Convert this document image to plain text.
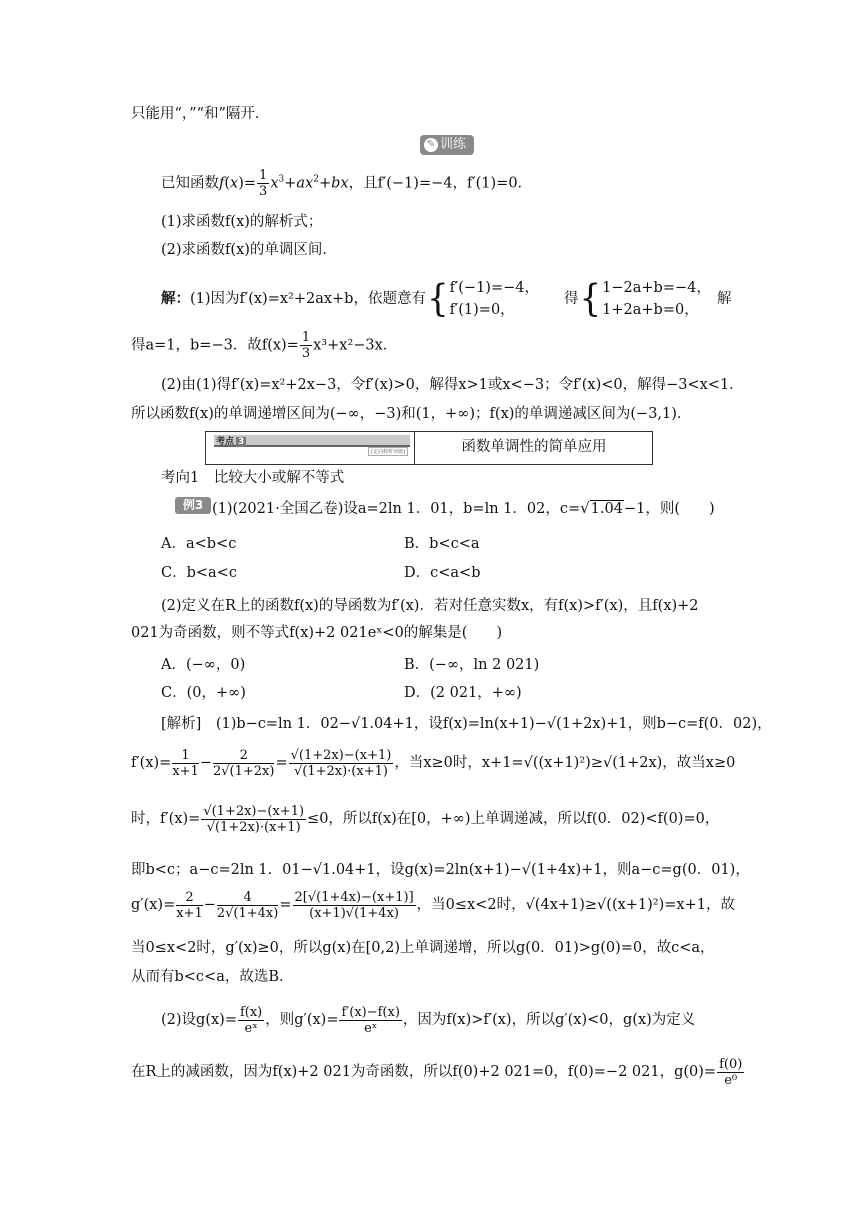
只能用“，”“和”隔开．
✎ 训练
已知函数$f(x)= \frac{1}{3} x^3+ax^2+bx$，且f′(−1)=−4，f′(1)=0．
(1)求函数f(x)的解析式；
(2)求函数f(x)的单调区间．
解：(1)因为f′(x)=x²+2ax+b，依题意有{ f′(−1)=−4，
f′(1)=0，
得{ 1−2a+b=−4，
1+2a+b=0，
解
得a=1，b=−3．故$f(x)= \frac{1}{3} x^3+x^2-3x$．
(2)由(1)得f′(x)=x²+2x−3，令f′(x)>0，解得x>1或x<−3；令f′(x)<0，解得−3<x<1．
所以函数f(x)的单调递增区间为(−∞，−3)和(1，+∞)；f(x)的单调递减区间为(−3,1)．
考点 3
[定向精析突破]	函数单调性的简单应用
考向1　比较大小或解不等式
例3 (1)(2021·全国乙卷)设a=2ln 1．01，b=ln 1．02，c=√1.04−1，则(　　)
A．a<b<c	B．b<c<a
C．b<a<c	D．c<a<b
(2)定义在R上的函数f(x)的导函数为f′(x)．若对任意实数x，有f(x)>f′(x)，且f(x)+2
021为奇函数，则不等式f(x)+2 021eˣ<0的解集是(　　)
A．(−∞，0)	B．(−∞，ln 2 021)
C．(0，+∞)	D．(2 021，+∞)
[解析]　(1)b−c=ln 1．02−√1.04+1，设f(x)=ln(x+1)−√(1+2x)+1，则b−c=f(0．02)，
$f'(x)= \frac{1}{x+1} - \frac{2}{2√(1+2x)} = \frac{√(1+2x)-(x+1)}{√(1+2x)\cdot(x+1)}$ ，当x≥0时，x+1=√((x+1)²)≥√(1+2x)，故当x≥0
时，$f'(x)= \frac{√(1+2x)-(x+1)}{√(1+2x)\cdot(x+1)} \le 0$，所以f(x)在[0，+∞)上单调递减，所以f(0．02)<f(0)=0，
即b<c；a−c=2ln 1．01−√1.04+1，设g(x)=2ln(x+1)−√(1+4x)+1，则a−c=g(0．01)，
$g'(x)= \frac{2}{x+1} - \frac{4}{2√(1+4x)} = \frac{2[√(1+4x)-(x+1)]}{(x+1)√(1+4x)}$ ，当0≤x<2时，√(4x+1)≥√((x+1)²)=x+1，故
当0≤x<2时，g′(x)≥0，所以g(x)在[0,2)上单调递增，所以g(0．01)>g(0)=0，故c<a，
从而有b<c<a，故选B．
(2)设$g(x)= \frac{f(x)}{\text{eˣ}}$ ，则$g'(x)= \frac{f'(x)-f(x)}{\text{eˣ}}$ ，因为f(x)>f′(x)，所以g′(x)<0，g(x)为定义
在R上的减函数，因为f(x)+2 021为奇函数，所以f(0)+2 021=0，f(0)=−2 021，$g(0)= \frac{f(0)}{\text{e⁰}}$
